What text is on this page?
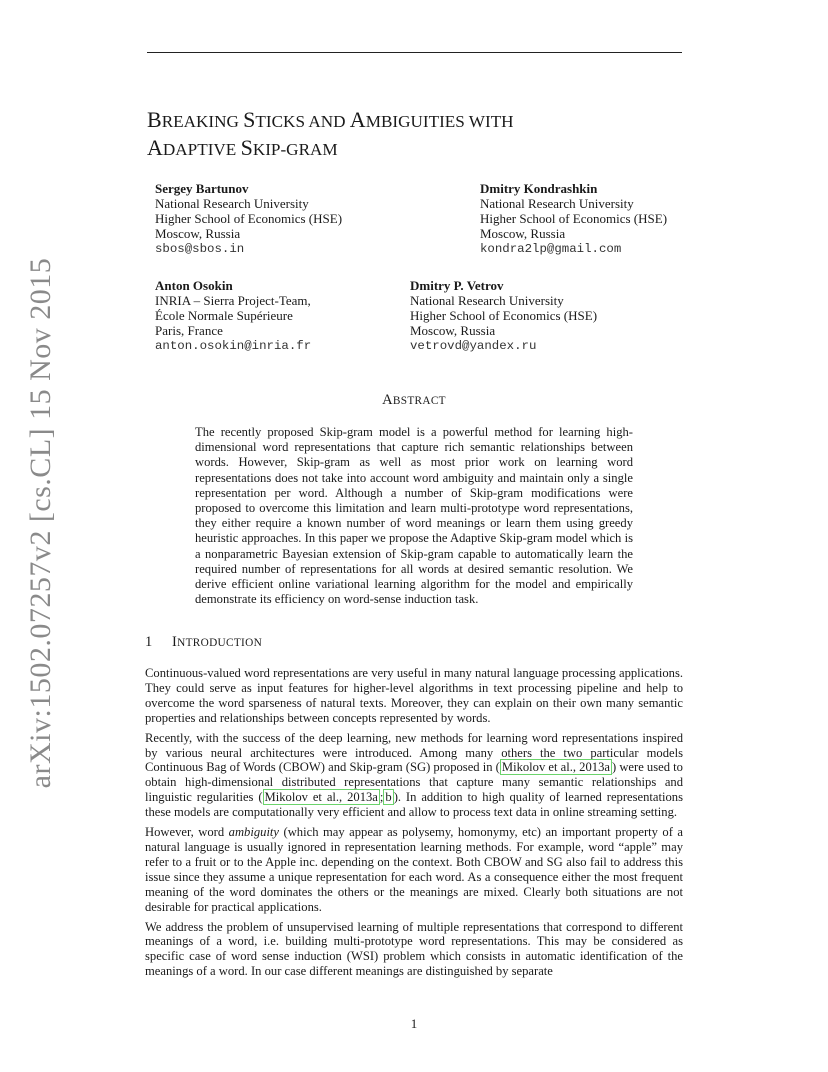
arXiv:1502.07257v2 [cs.CL] 15 Nov 2015
BREAKING STICKS AND AMBIGUITIES WITH
ADAPTIVE SKIP-GRAM
Sergey Bartunov
National Research University
Higher School of Economics (HSE)
Moscow, Russia
sbos@sbos.in
Dmitry Kondrashkin
National Research University
Higher School of Economics (HSE)
Moscow, Russia
kondra2lp@gmail.com
Anton Osokin
INRIA – Sierra Project-Team,
École Normale Supérieure
Paris, France
anton.osokin@inria.fr
Dmitry P. Vetrov
National Research University
Higher School of Economics (HSE)
Moscow, Russia
vetrovd@yandex.ru
ABSTRACT
The recently proposed Skip-gram model is a powerful method for learning high-dimensional word representations that capture rich semantic relationships between words. However, Skip-gram as well as most prior work on learning word representations does not take into account word ambiguity and maintain only a single representation per word. Although a number of Skip-gram modifications were proposed to overcome this limitation and learn multi-prototype word representations, they either require a known number of word meanings or learn them using greedy heuristic approaches. In this paper we propose the Adaptive Skip-gram model which is a nonparametric Bayesian extension of Skip-gram capable to automatically learn the required number of representations for all words at desired semantic resolution. We derive efficient online variational learning algorithm for the model and empirically demonstrate its efficiency on word-sense induction task.
1 INTRODUCTION

Continuous-valued word representations are very useful in many natural language processing applications. They could serve as input features for higher-level algorithms in text processing pipeline and help to overcome the word sparseness of natural texts. Moreover, they can explain on their own many semantic properties and relationships between concepts represented by words.

Recently, with the success of the deep learning, new methods for learning word representations inspired by various neural architectures were introduced. Among many others the two particular models Continuous Bag of Words (CBOW) and Skip-gram (SG) proposed in ( Mikolov et al., 2013a ) were used to obtain high-dimensional distributed representations that capture many semantic relationships and linguistic regularities ( Mikolov et al., 2013a ; b ). In addition to high quality of learned representations these models are computationally very efficient and allow to process text data in online streaming setting.

However, word ambiguity (which may appear as polysemy, homonymy, etc) an important property of a natural language is usually ignored in representation learning methods. For example, word “apple” may refer to a fruit or to the Apple inc. depending on the context. Both CBOW and SG also fail to address this issue since they assume a unique representation for each word. As a consequence either the most frequent meaning of the word dominates the others or the meanings are mixed. Clearly both situations are not desirable for practical applications.

We address the problem of unsupervised learning of multiple representations that correspond to different meanings of a word, i.e. building multi-prototype word representations. This may be considered as specific case of word sense induction (WSI) problem which consists in automatic identification of the meanings of a word. In our case different meanings are distinguished by separate

1
